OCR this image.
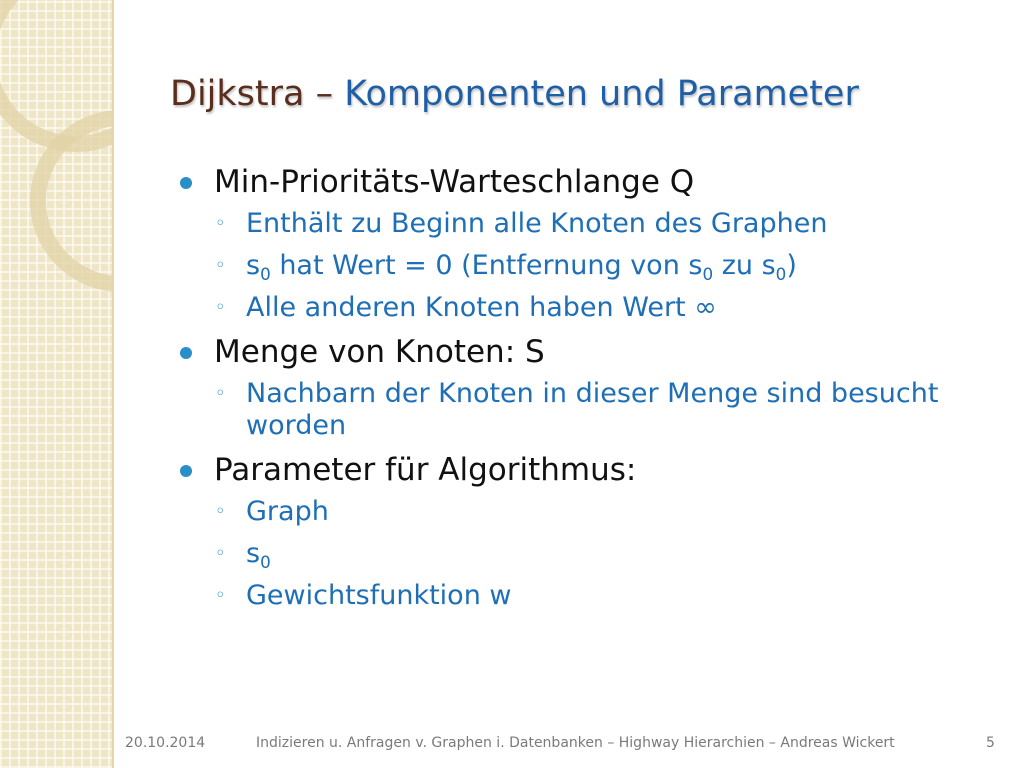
Dijkstra – Komponenten und Parameter
Min-Prioritäts-Warteschlange Q
◦ Enthält zu Beginn alle Knoten des Graphen
◦ $s_0$ hat Wert = 0 (Entfernung von $s_0$ zu $s_0$)
◦ Alle anderen Knoten haben Wert ∞
Menge von Knoten: S
◦ Nachbarn der Knoten in dieser Menge sind besucht worden
Parameter für Algorithmus:
◦ Graph
◦ $s_0$
◦ Gewichtsfunktion w
20.10.2014	Indizieren u. Anfragen v. Graphen i. Datenbanken – Highway Hierarchien – Andreas Wickert	5
